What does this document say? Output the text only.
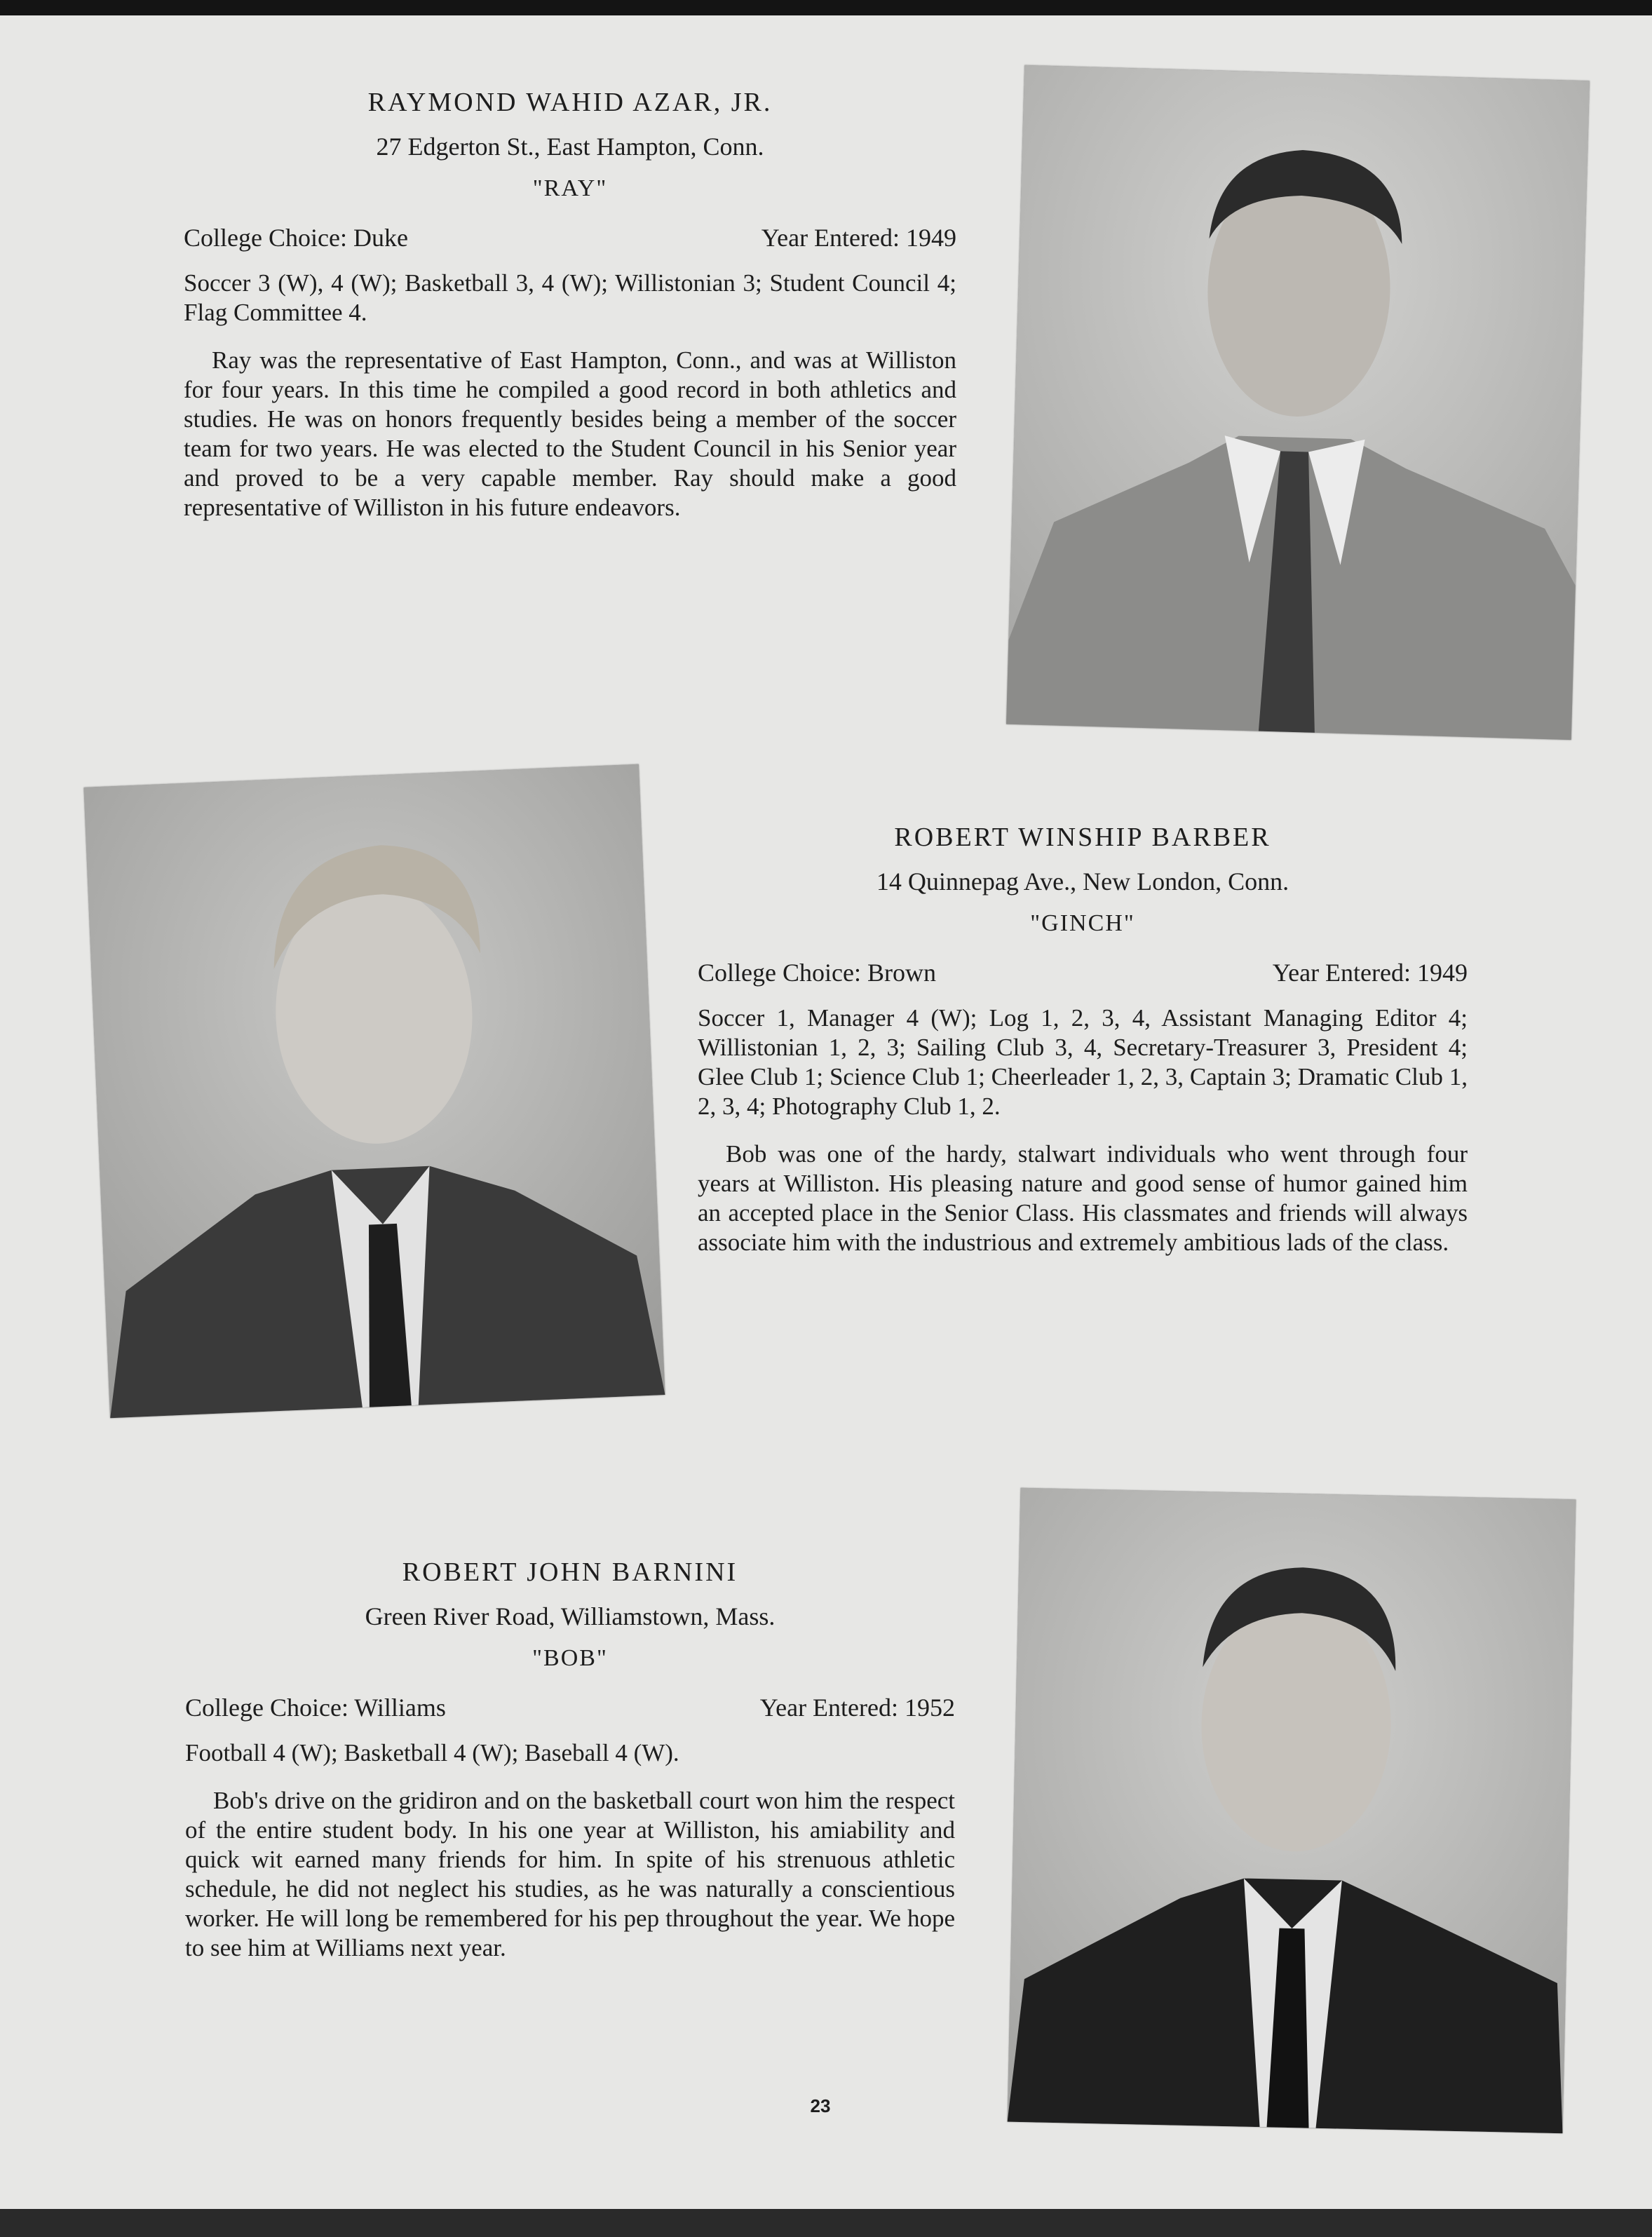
RAYMOND WAHID AZAR, JR.
27 Edgerton St., East Hampton, Conn.
"RAY"
College Choice: Duke	Year Entered: 1949
Soccer 3 (W), 4 (W); Basketball 3, 4 (W); Willistonian 3; Student Council 4; Flag Committee 4.
Ray was the representative of East Hampton, Conn., and was at Williston for four years. In this time he compiled a good record in both athletics and studies. He was on honors frequently besides being a member of the soccer team for two years. He was elected to the Student Council in his Senior year and proved to be a very capable member. Ray should make a good representative of Williston in his future endeavors.
ROBERT WINSHIP BARBER
14 Quinnepag Ave., New London, Conn.
"GINCH"
College Choice: Brown	Year Entered: 1949
Soccer 1, Manager 4 (W); Log 1, 2, 3, 4, Assistant Managing Editor 4; Willistonian 1, 2, 3; Sailing Club 3, 4, Secretary-Treasurer 3, President 4; Glee Club 1; Science Club 1; Cheerleader 1, 2, 3, Captain 3; Dramatic Club 1, 2, 3, 4; Photography Club 1, 2.
Bob was one of the hardy, stalwart individuals who went through four years at Williston. His pleasing nature and good sense of humor gained him an accepted place in the Senior Class. His classmates and friends will always associate him with the industrious and extremely ambitious lads of the class.
ROBERT JOHN BARNINI
Green River Road, Williamstown, Mass.
"BOB"
College Choice: Williams	Year Entered: 1952
Football 4 (W); Basketball 4 (W); Baseball 4 (W).
Bob's drive on the gridiron and on the basketball court won him the respect of the entire student body. In his one year at Williston, his amiability and quick wit earned many friends for him. In spite of his strenuous athletic schedule, he did not neglect his studies, as he was naturally a conscientious worker. He will long be remembered for his pep throughout the year. We hope to see him at Williams next year.
23
